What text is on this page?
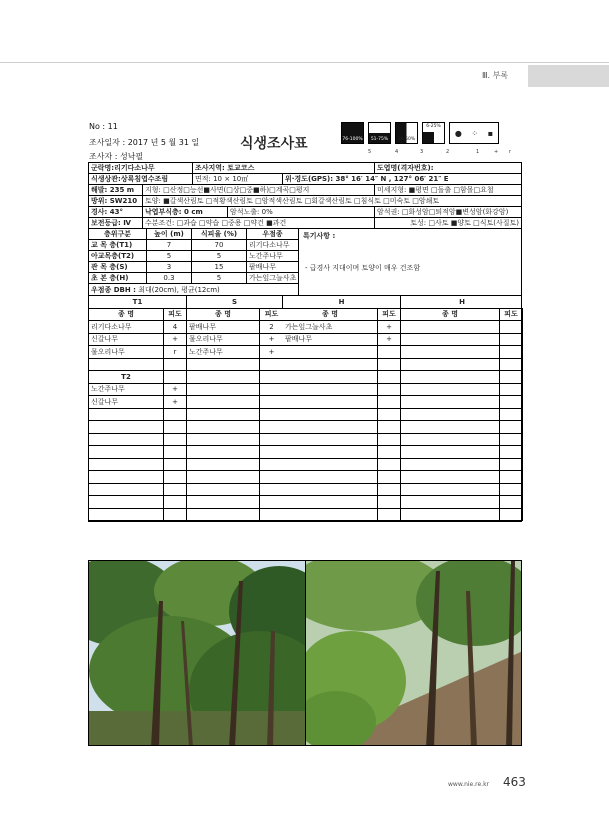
Ⅲ. 부록
No : 11
조사일자 : 2017 년 5 월 31 일
조사자 : 성낙필
식생조사표	76-100%	51-75%	26-50%
6-25%
● ⁘ ▪
5	4	3	2	1	+ r
군락명:리기다소나무	조사지역: 토교코스	도엽명(격자번호):
식생상관:상록침엽수조림	면적: 10 × 10㎡	위·경도(GPS): 38° 16′ 14″ N , 127° 06′ 21″ E
해발: 235 m	지형: □산정□능선■사면(□상□중■하)□계곡□평지	미세지형: ■평면 □돌출 □함몰□요철
방위: SW210	토양: ■갈색산림토 □적황색산림토 □암적색산림토 □회갈색산림토 □침식토 □미숙토 □암쇄토
경사: 43°	낙엽부식층: 0 cm	암석노출: 0%	암석권: □화성암□퇴적암■변성암(화강암)
보전등급: Ⅳ	수분조건: □과습 □약습 □중용 □약건 ■과건	토성: □사토 ■양토 □식토(사질토)
층위구분	높이 (m)	식피율 (%)	우점종
교 목 층(T1)	7	70	리기다소나무
아교목층(T2)	5	5	노간주나무
관 목 층(S)	3	15	팥배나무
초 본 층(H)	0.3	5	가는잎그늘사초
우점종 DBH :
최대(20cm), 평균(12cm)
특기사항 :
- 급경사 지대이며 토양이 매우 건조함
T1	S	H	H
종 명	피도	종 명	피도	종 명	피도	종 명	피도
리기다소나무	4	팥배나무	2	가는잎그늘사초	+
신갈나무	+	물오리나무	+	팥배나무	+
물오리나무	r	노간주나무	+
T2
노간주나무	+
신갈나무	+
www.nie.re.kr 463
